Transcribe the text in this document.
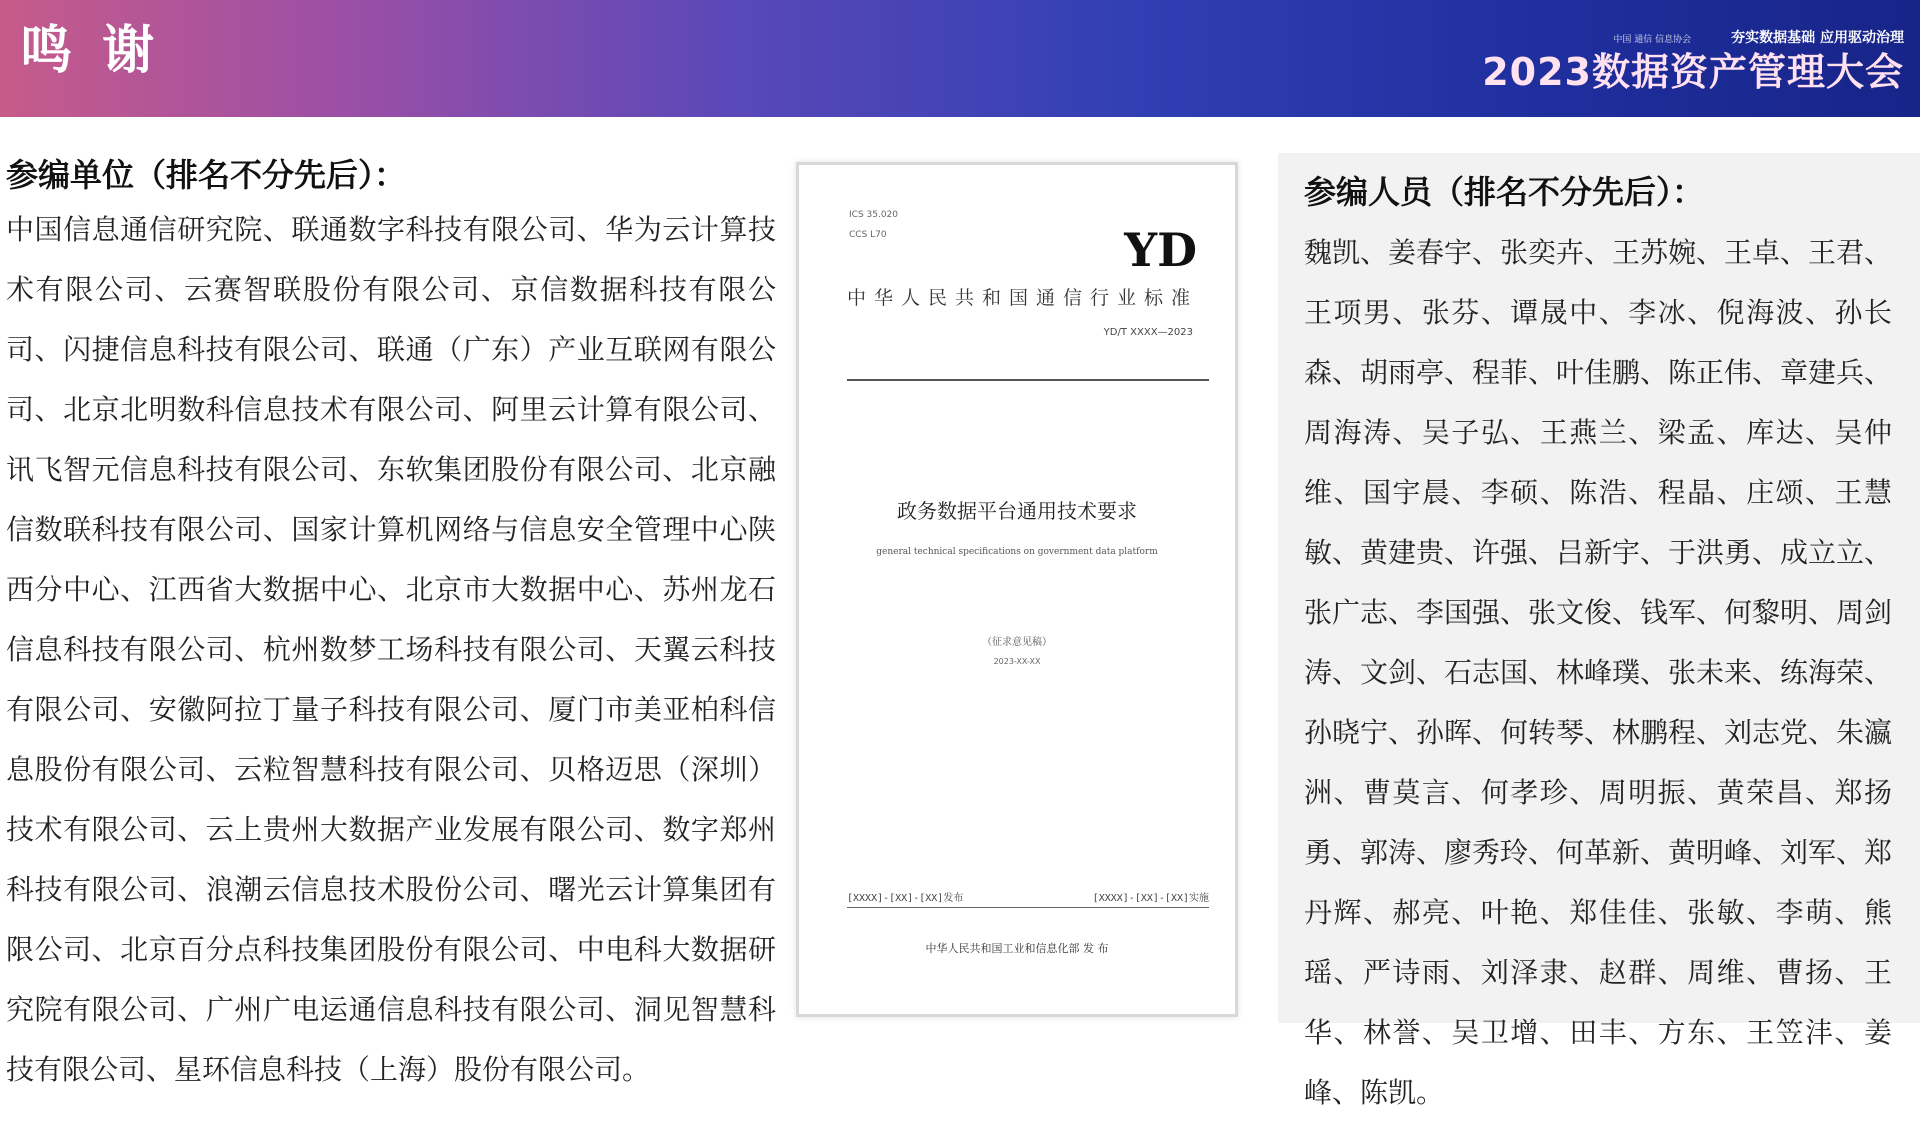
鸣 谢	中国 通信 信息协会	夯实数据基础 应用驱动治理
2023数据资产管理大会
参编单位（排名不分先后）：
中国信息通信研究院、联通数字科技有限公司、华为云计算技术有限公司、云赛智联股份有限公司、京信数据科技有限公司、闪捷信息科技有限公司、联通（广东）产业互联网有限公司、北京北明数科信息技术有限公司、阿里云计算有限公司、讯飞智元信息科技有限公司、东软集团股份有限公司、北京融信数联科技有限公司、国家计算机网络与信息安全管理中心陕西分中心、江西省大数据中心、北京市大数据中心、苏州龙石信息科技有限公司、杭州数梦工场科技有限公司、天翼云科技有限公司、安徽阿拉丁量子科技有限公司、厦门市美亚柏科信息股份有限公司、云粒智慧科技有限公司、贝格迈思（深圳）技术有限公司、云上贵州大数据产业发展有限公司、数字郑州科技有限公司、浪潮云信息技术股份公司、曙光云计算集团有限公司、北京百分点科技集团股份有限公司、中电科大数据研究院有限公司、广州广电运通信息科技有限公司、洞见智慧科技有限公司、星环信息科技（上海）股份有限公司。
ICS 35.020
CCS L70	YD
中华人民共和国通信行业标准
YD/T XXXX—2023
政务数据平台通用技术要求
general technical specifications on government data platform
（征求意见稿）
2023-XX-XX
[XXXX]-[XX]-[XX]发布	[XXXX]-[XX]-[XX]实施
中华人民共和国工业和信息化部 发 布
参编人员（排名不分先后）：
魏凯、姜春宇、张奕卉、王苏婉、王卓、王君、王项男、张芬、谭晟中、李冰、倪海波、孙长森、胡雨亭、程菲、叶佳鹏、陈正伟、章建兵、周海涛、吴子弘、王燕兰、梁孟、库达、吴仲维、国宇晨、李硕、陈浩、程晶、庄颂、王慧敏、黄建贵、许强、吕新宇、于洪勇、成立立、张广志、李国强、张文俊、钱军、何黎明、周剑涛、文剑、石志国、林峰璞、张未来、练海荣、孙晓宁、孙晖、何转琴、林鹏程、刘志党、朱瀛洲、曹莫言、何孝珍、周明振、黄荣昌、郑扬勇、郭涛、廖秀玲、何革新、黄明峰、刘军、郑丹辉、郝亮、叶艳、郑佳佳、张敏、李萌、熊瑶、严诗雨、刘泽隶、赵群、周维、曹扬、王华、林誉、吴卫增、田丰、方东、王笠沣、姜峰、陈凯。
